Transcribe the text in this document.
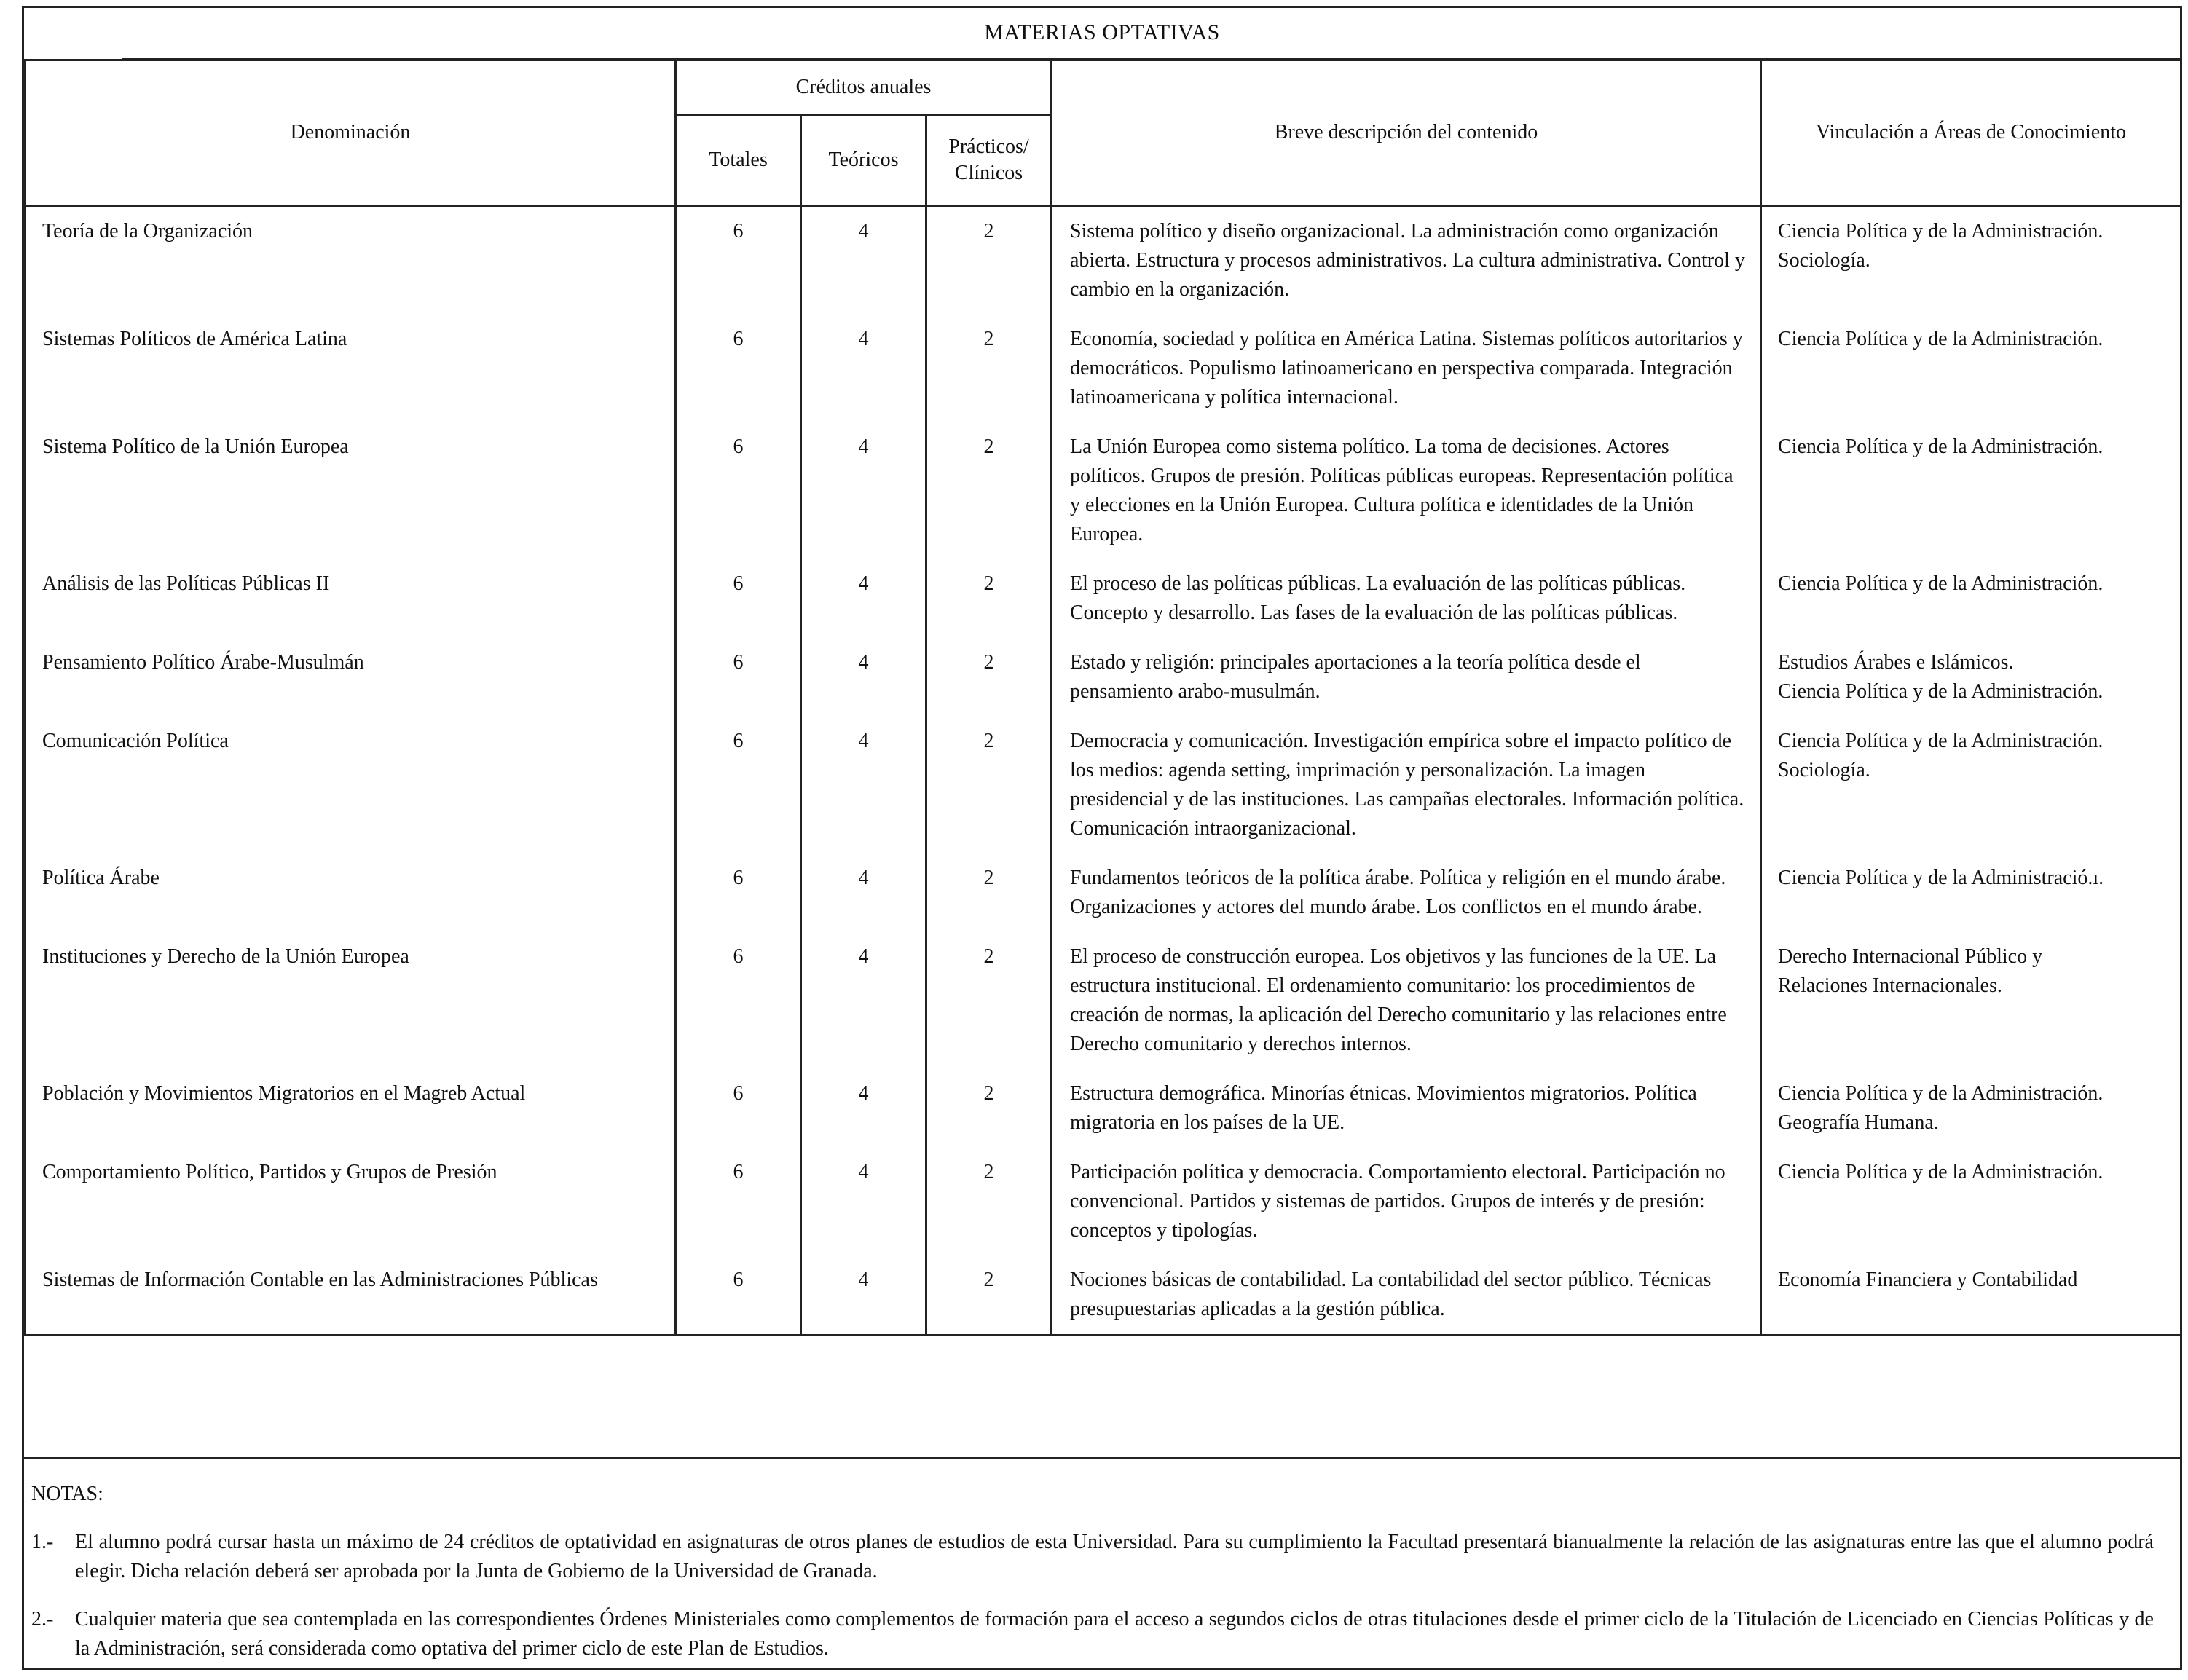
MATERIAS OPTATIVAS
Denominación	Créditos anuales			Breve descripción del contenido	Vinculación a Áreas de Conocimiento
	Totales	Teóricos	Prácticos/
Clínicos		
Teoría de la Organización	6	4	2	Sistema político y diseño organizacional. La administración como organización abierta. Estructura y procesos administrativos. La cultura administrativa. Control y cambio en la organización.	Ciencia Política y de la Administración.
Sociología.

Sistemas Políticos de América Latina	6	4	2	Economía, sociedad y política en América Latina. Sistemas políticos autoritarios y democráticos. Populismo latinoamericano en perspectiva comparada. Integración latinoamericana y política internacional.	Ciencia Política y de la Administración.

Sistema Político de la Unión Europea	6	4	2	La Unión Europea como sistema político. La toma de decisiones. Actores políticos. Grupos de presión. Políticas públicas europeas. Representación política y elecciones en la Unión Europea. Cultura política e identidades de la Unión Europea.	Ciencia Política y de la Administración.

Análisis de las Políticas Públicas II	6	4	2	El proceso de las políticas públicas. La evaluación de las políticas públicas. Concepto y desarrollo. Las fases de la evaluación de las políticas públicas.	Ciencia Política y de la Administración.

Pensamiento Político Árabe-Musulmán	6	4	2	Estado y religión: principales aportaciones a la teoría política desde el pensamiento arabo-musulmán.	Estudios Árabes e Islámicos.
Ciencia Política y de la Administración.

Comunicación Política	6	4	2	Democracia y comunicación. Investigación empírica sobre el impacto político de los medios: agenda setting, imprimación y personalización. La imagen presidencial y de las instituciones. Las campañas electorales. Información política. Comunicación intraorganizacional.	Ciencia Política y de la Administración.
Sociología.

Política Árabe	6	4	2	Fundamentos teóricos de la política árabe. Política y religión en el mundo árabe. Organizaciones y actores del mundo árabe. Los conflictos en el mundo árabe.	Ciencia Política y de la Administració.ı.

Instituciones y Derecho de la Unión Europea	6	4	2	El proceso de construcción europea. Los objetivos y las funciones de la UE. La estructura institucional. El ordenamiento comunitario: los procedimientos de creación de normas, la aplicación del Derecho comunitario y las relaciones entre Derecho comunitario y derechos internos.	Derecho Internacional Público y
Relaciones Internacionales.

Población y Movimientos Migratorios en el Magreb Actual	6	4	2	Estructura demográfica. Minorías étnicas. Movimientos migratorios. Política migratoria en los países de la UE.	Ciencia Política y de la Administración.
Geografía Humana.

Comportamiento Político, Partidos y Grupos de Presión	6	4	2	Participación política y democracia. Comportamiento electoral. Participación no convencional. Partidos y sistemas de partidos. Grupos de interés y de presión: conceptos y tipologías.	Ciencia Política y de la Administración.

Sistemas de Información Contable en las Administraciones Públicas	6	4	2	Nociones básicas de contabilidad. La contabilidad del sector público. Técnicas presupuestarias aplicadas a la gestión pública.	Economía Financiera y Contabilidad
NOTAS:
1.-	El alumno podrá cursar hasta un máximo de 24 créditos de optatividad en asignaturas de otros planes de estudios de esta Universidad. Para su cumplimiento la Facultad presentará bianualmente la relación de las asignaturas entre las que el alumno podrá elegir. Dicha relación deberá ser aprobada por la Junta de Gobierno de la Universidad de Granada.
2.-	Cualquier materia que sea contemplada en las correspondientes Órdenes Ministeriales como complementos de formación para el acceso a segundos ciclos de otras titulaciones desde el primer ciclo de la Titulación de Licenciado en Ciencias Políticas y de la Administración, será considerada como optativa del primer ciclo de este Plan de Estudios.
